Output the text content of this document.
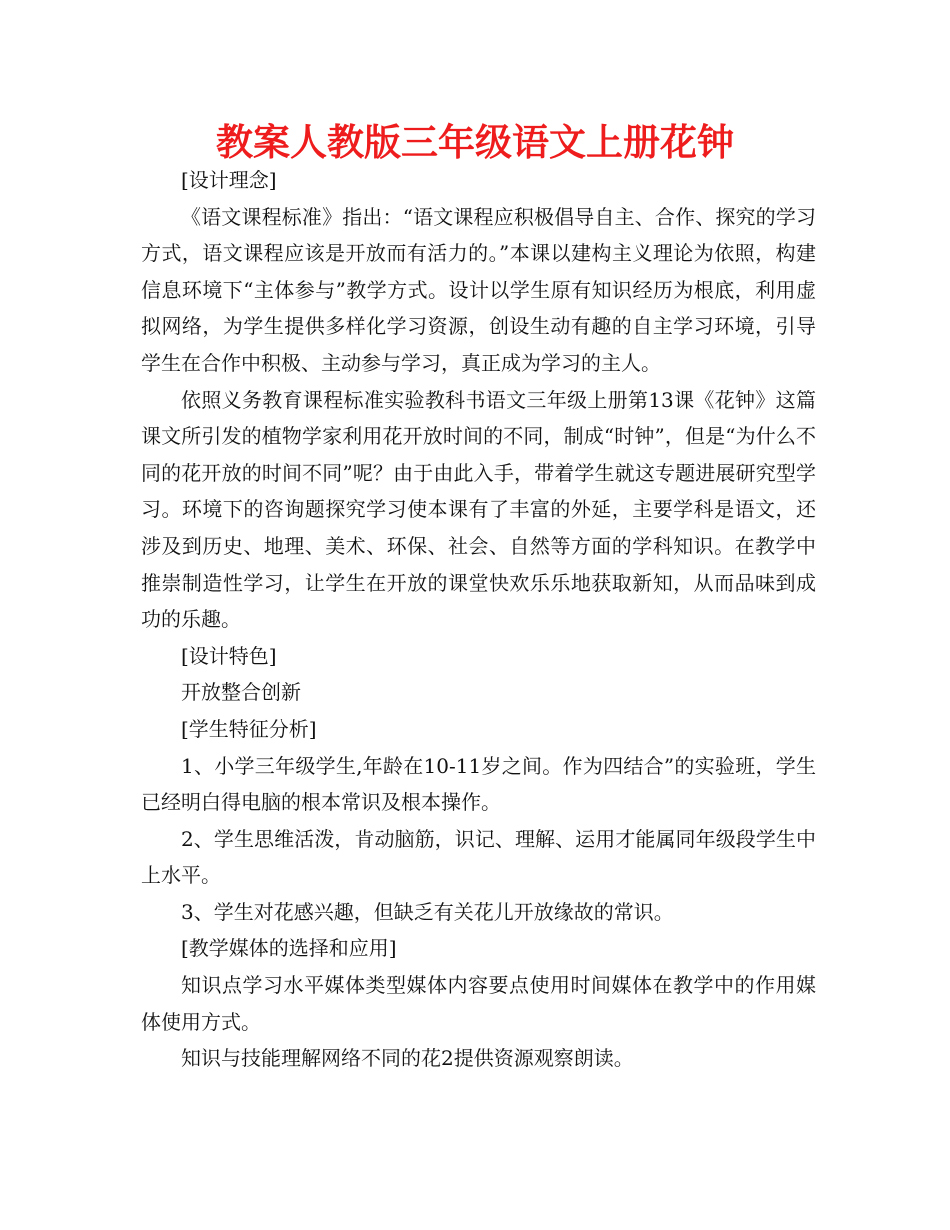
教案人教版三年级语文上册花钟

[设计理念]

《语文课程标准》指出：“语文课程应积极倡导自主、合作、探究的学习方式，语文课程应该是开放而有活力的。”本课以建构主义理论为依照，构建信息环境下“主体参与”教学方式。设计以学生原有知识经历为根底，利用虚拟网络，为学生提供多样化学习资源，创设生动有趣的自主学习环境，引导学生在合作中积极、主动参与学习，真正成为学习的主人。

依照义务教育课程标准实验教科书语文三年级上册第13课《花钟》这篇课文所引发的植物学家利用花开放时间的不同，制成“时钟”，但是“为什么不同的花开放的时间不同”呢？由于由此入手，带着学生就这专题进展研究型学习。环境下的咨询题探究学习使本课有了丰富的外延，主要学科是语文，还涉及到历史、地理、美术、环保、社会、自然等方面的学科知识。在教学中推崇制造性学习，让学生在开放的课堂快欢乐乐地获取新知，从而品味到成功的乐趣。

[设计特色]

开放整合创新

[学生特征分析]

1、小学三年级学生,年龄在10-11岁之间。作为四结合”的实验班，学生已经明白得电脑的根本常识及根本操作。

2、学生思维活泼，肯动脑筋，识记、理解、运用才能属同年级段学生中上水平。

3、学生对花感兴趣，但缺乏有关花儿开放缘故的常识。

[教学媒体的选择和应用]

知识点学习水平媒体类型媒体内容要点使用时间媒体在教学中的作用媒体使用方式。

知识与技能理解网络不同的花2提供资源观察朗读。
